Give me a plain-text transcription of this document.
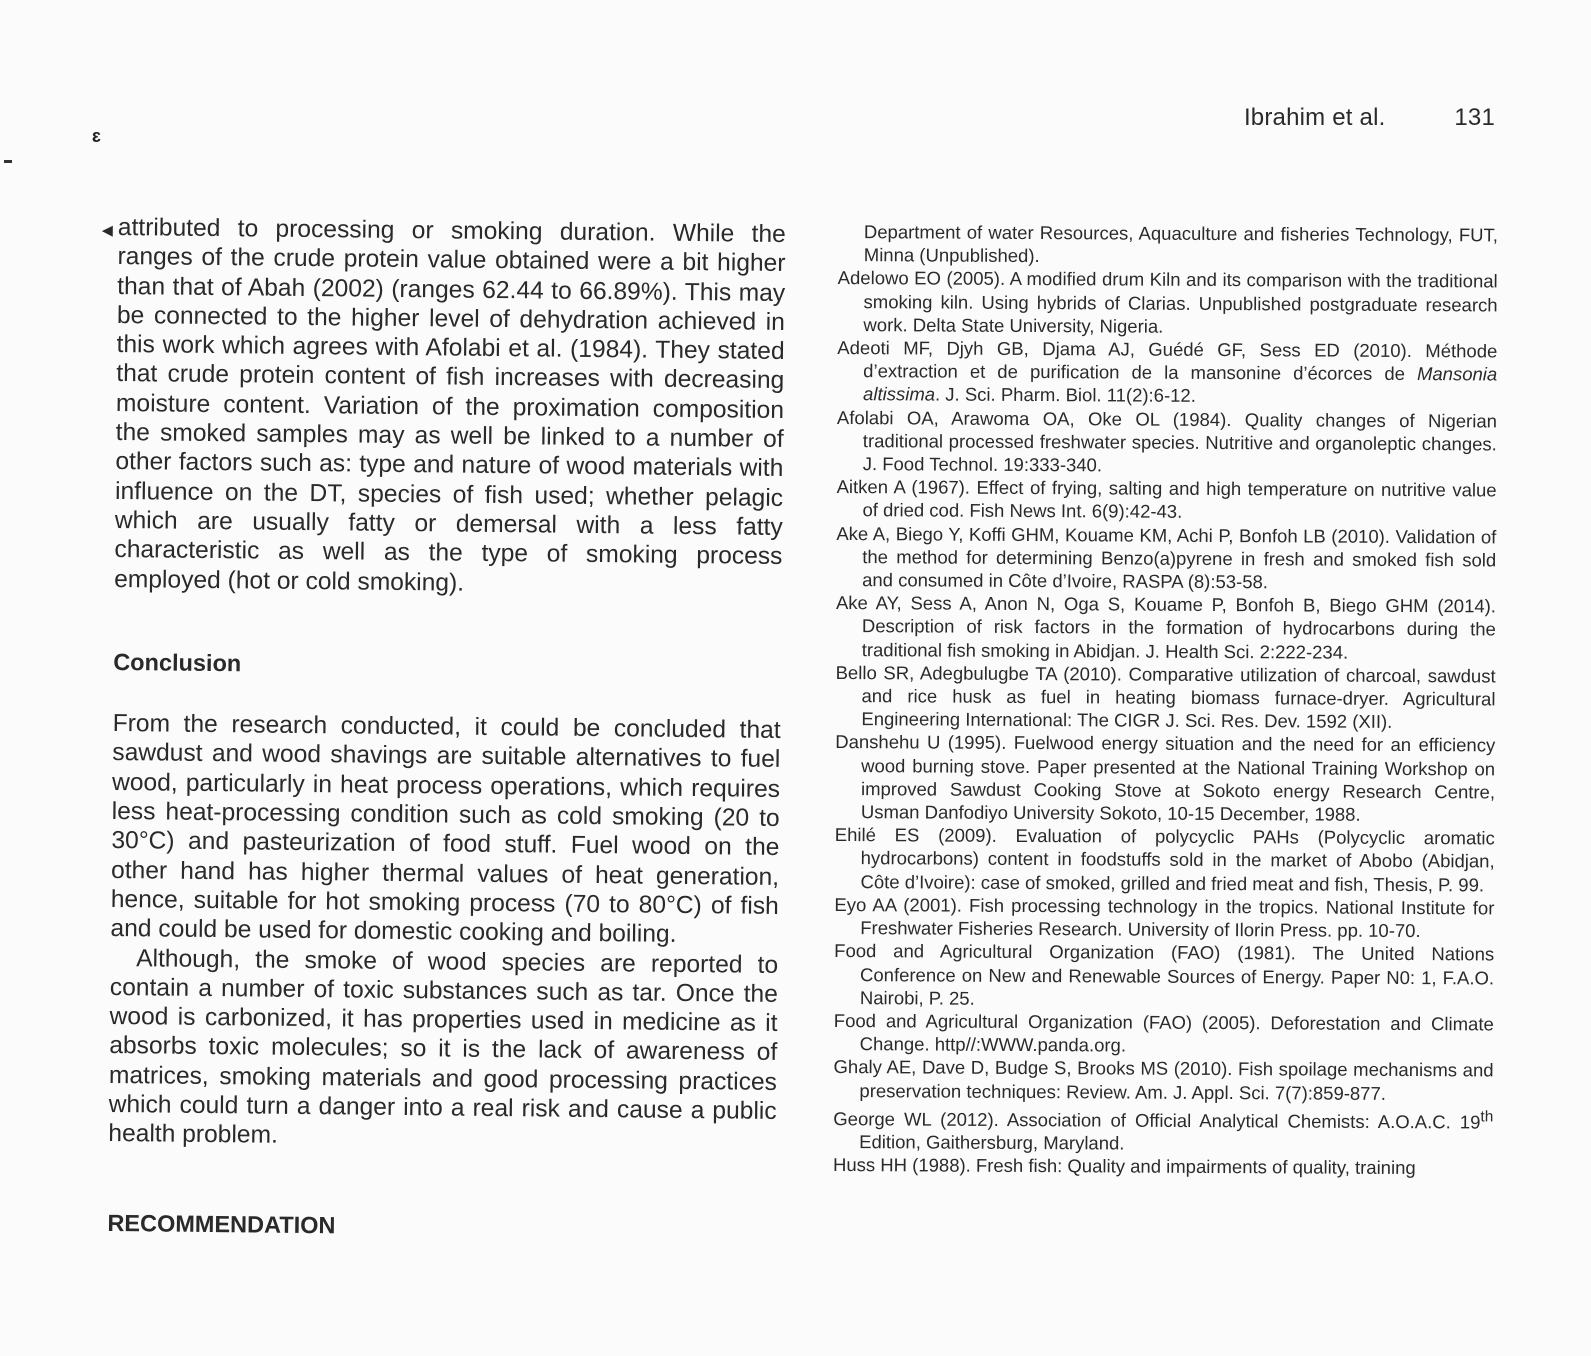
ɛ
Ibrahim et al.	131
◂ attributed to processing or smoking duration. While the ranges of the crude protein value obtained were a bit higher than that of Abah (2002) (ranges 62.44 to 66.89%). This may be connected to the higher level of dehydration achieved in this work which agrees with Afolabi et al. (1984). They stated that crude protein content of fish increases with decreasing moisture content. Variation of the proximation composition the smoked samples may as well be linked to a number of other factors such as: type and nature of wood materials with influence on the DT, species of fish used; whether pelagic which are usually fatty or demersal with a less fatty characteristic as well as the type of smoking process employed (hot or cold smoking).

Conclusion

From the research conducted, it could be concluded that sawdust and wood shavings are suitable alternatives to fuel wood, particularly in heat process operations, which requires less heat-processing condition such as cold smoking (20 to 30°C) and pasteurization of food stuff. Fuel wood on the other hand has higher thermal values of heat generation, hence, suitable for hot smoking process (70 to 80°C) of fish and could be used for domestic cooking and boiling.

Although, the smoke of wood species are reported to contain a number of toxic substances such as tar. Once the wood is carbonized, it has properties used in medicine as it absorbs toxic molecules; so it is the lack of awareness of matrices, smoking materials and good processing practices which could turn a danger into a real risk and cause a public health problem.

RECOMMENDATION

Department of water Resources, Aquaculture and fisheries Technology, FUT, Minna (Unpublished).

Adelowo EO (2005). A modified drum Kiln and its comparison with the traditional smoking kiln. Using hybrids of Clarias. Unpublished postgraduate research work. Delta State University, Nigeria.

Adeoti MF, Djyh GB, Djama AJ, Guédé GF, Sess ED (2010). Méthode d’extraction et de purification de la mansonine d’écorces de Mansonia altissima. J. Sci. Pharm. Biol. 11(2):6-12.

Afolabi OA, Arawoma OA, Oke OL (1984). Quality changes of Nigerian traditional processed freshwater species. Nutritive and organoleptic changes. J. Food Technol. 19:333-340.

Aitken A (1967). Effect of frying, salting and high temperature on nutritive value of dried cod. Fish News Int. 6(9):42-43.

Ake A, Biego Y, Koffi GHM, Kouame KM, Achi P, Bonfoh LB (2010). Validation of the method for determining Benzo(a)pyrene in fresh and smoked fish sold and consumed in Côte d’Ivoire, RASPA (8):53-58.

Ake AY, Sess A, Anon N, Oga S, Kouame P, Bonfoh B, Biego GHM (2014). Description of risk factors in the formation of hydrocarbons during the traditional fish smoking in Abidjan. J. Health Sci. 2:222-234.

Bello SR, Adegbulugbe TA (2010). Comparative utilization of charcoal, sawdust and rice husk as fuel in heating biomass furnace-dryer. Agricultural Engineering International: The CIGR J. Sci. Res. Dev. 1592 (XII).

Danshehu U (1995). Fuelwood energy situation and the need for an efficiency wood burning stove. Paper presented at the National Training Workshop on improved Sawdust Cooking Stove at Sokoto energy Research Centre, Usman Danfodiyo University Sokoto, 10-15 December, 1988.

Ehilé ES (2009). Evaluation of polycyclic PAHs (Polycyclic aromatic hydrocarbons) content in foodstuffs sold in the market of Abobo (Abidjan, Côte d’Ivoire): case of smoked, grilled and fried meat and fish, Thesis, P. 99.

Eyo AA (2001). Fish processing technology in the tropics. National Institute for Freshwater Fisheries Research. University of Ilorin Press. pp. 10-70.

Food and Agricultural Organization (FAO) (1981). The United Nations Conference on New and Renewable Sources of Energy. Paper N0: 1, F.A.O. Nairobi, P. 25.

Food and Agricultural Organization (FAO) (2005). Deforestation and Climate Change. http//:WWW.panda.org.

Ghaly AE, Dave D, Budge S, Brooks MS (2010). Fish spoilage mechanisms and preservation techniques: Review. Am. J. Appl. Sci. 7(7):859-877.

George WL (2012). Association of Official Analytical Chemists: A.O.A.C. 19th Edition, Gaithersburg, Maryland.

Huss HH (1988). Fresh fish: Quality and impairments of quality, training
